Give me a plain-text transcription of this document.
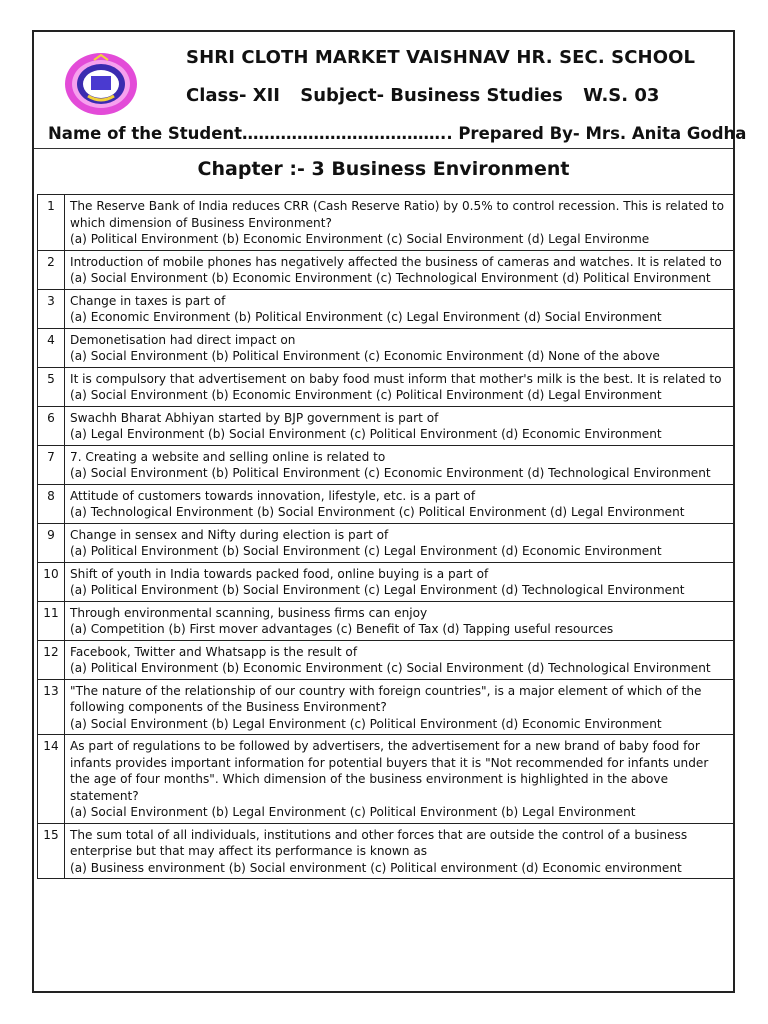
SHRI CLOTH MARKET VAISHNAV HR. SEC. SCHOOL
Class- XII Subject- Business Studies W.S. 03
Name of the Student……………………………….. Prepared By- Mrs. Anita Godha
Chapter :- 3 Business Environment
1	The Reserve Bank of India reduces CRR (Cash Reserve Ratio) by 0.5% to control recession. This is related to which dimension of Business Environment?
(a) Political Environment (b) Economic Environment (c) Social Environment (d) Legal Environme

2	Introduction of mobile phones has negatively affected the business of cameras and watches. It is related to
(a) Social Environment (b) Economic Environment (c) Technological Environment (d) Political Environment

3	Change in taxes is part of
(a) Economic Environment (b) Political Environment (c) Legal Environment (d) Social Environment

4	Demonetisation had direct impact on
(a) Social Environment (b) Political Environment (c) Economic Environment (d) None of the above

5	It is compulsory that advertisement on baby food must inform that mother's milk is the best. It is related to
(a) Social Environment (b) Economic Environment (c) Political Environment (d) Legal Environment

6	Swachh Bharat Abhiyan started by BJP government is part of
(a) Legal Environment (b) Social Environment (c) Political Environment (d) Economic Environment

7	7. Creating a website and selling online is related to
(a) Social Environment (b) Political Environment (c) Economic Environment (d) Technological Environment

8	Attitude of customers towards innovation, lifestyle, etc. is a part of
(a) Technological Environment (b) Social Environment (c) Political Environment (d) Legal Environment

9	Change in sensex and Nifty during election is part of
(a) Political Environment (b) Social Environment (c) Legal Environment (d) Economic Environment

10	Shift of youth in India towards packed food, online buying is a part of
(a) Political Environment (b) Social Environment (c) Legal Environment (d) Technological Environment

11	Through environmental scanning, business firms can enjoy
(a) Competition (b) First mover advantages (c) Benefit of Tax (d) Tapping useful resources

12	Facebook, Twitter and Whatsapp is the result of
(a) Political Environment (b) Economic Environment (c) Social Environment (d) Technological Environment

13	"The nature of the relationship of our country with foreign countries", is a major element of which of the following components of the Business Environment?
(a) Social Environment (b) Legal Environment (c) Political Environment (d) Economic Environment

14	As part of regulations to be followed by advertisers, the advertisement for a new brand of baby food for infants provides important information for potential buyers that it is "Not recommended for infants under the age of four months". Which dimension of the business environment is highlighted in the above statement?
(a) Social Environment (b) Legal Environment (c) Political Environment (b) Legal Environment

15	The sum total of all individuals, institutions and other forces that are outside the control of a business enterprise but that may affect its performance is known as
(a) Business environment (b) Social environment (c) Political environment (d) Economic environment
